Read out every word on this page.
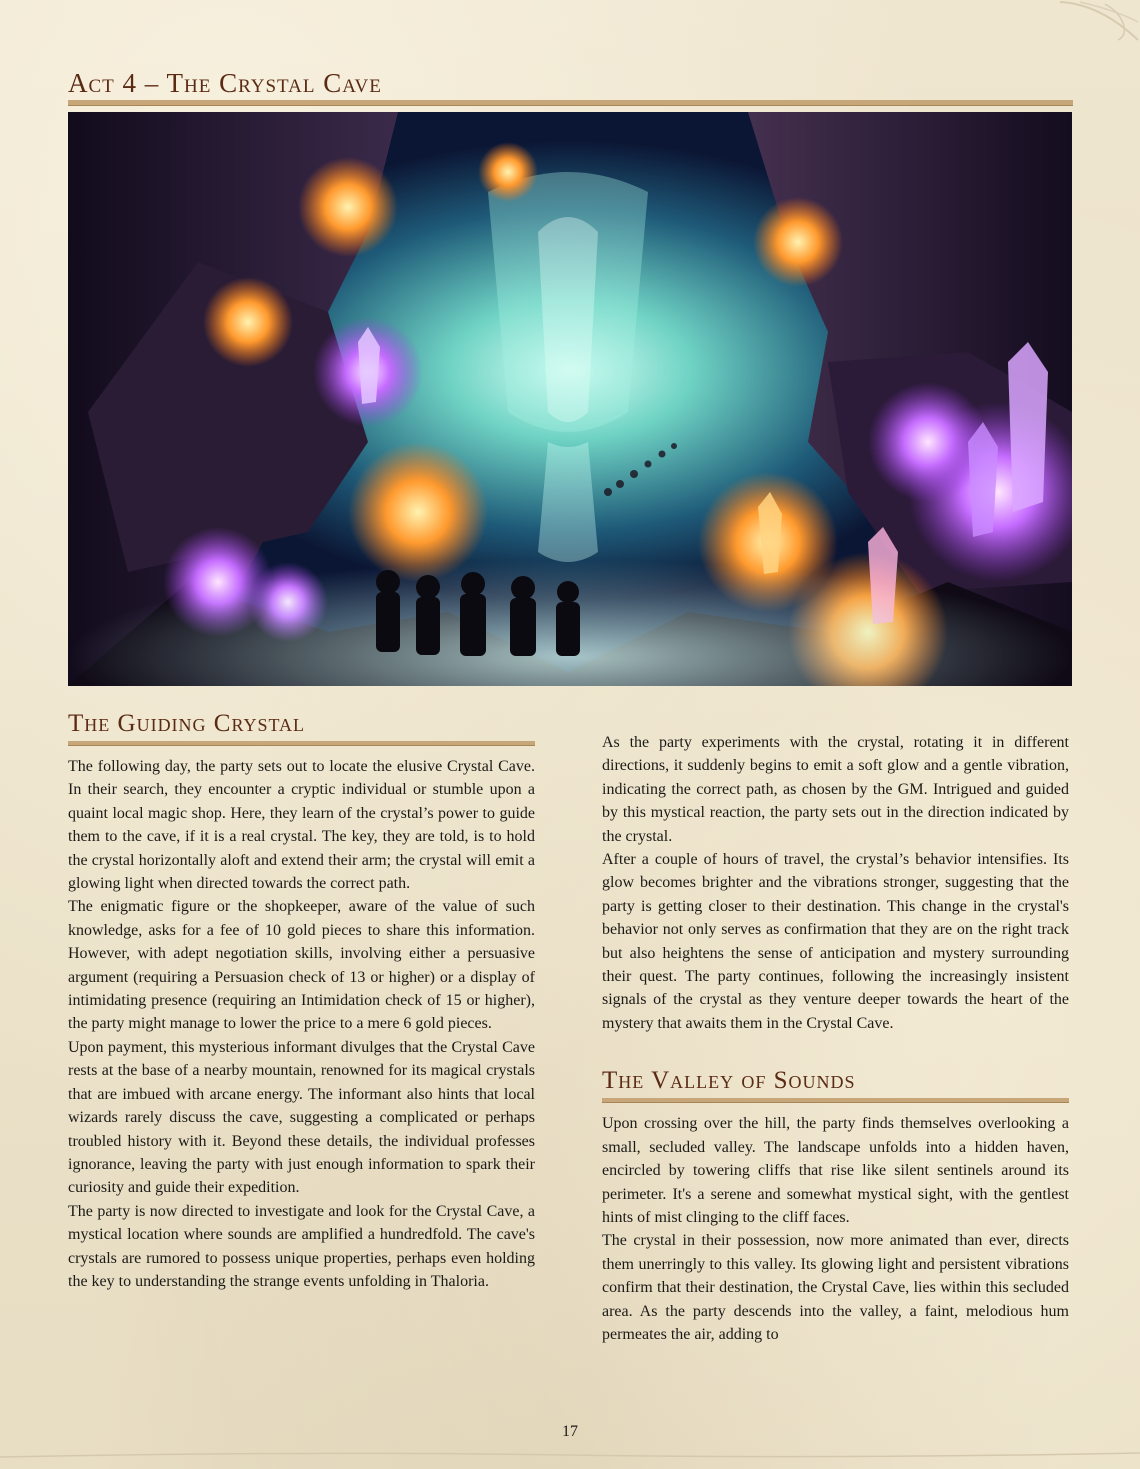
Act 4 – The Crystal Cave
The Guiding Crystal

The following day, the party sets out to locate the elusive Crystal Cave. In their search, they encounter a cryptic individual or stumble upon a quaint local magic shop. Here, they learn of the crystal’s power to guide them to the cave, if it is a real crystal. The key, they are told, is to hold the crystal horizontally aloft and extend their arm; the crystal will emit a glowing light when directed towards the correct path.

The enigmatic figure or the shopkeeper, aware of the value of such knowledge, asks for a fee of 10 gold pieces to share this information. However, with adept negotiation skills, involving either a persuasive argument (requiring a Persuasion check of 13 or higher) or a display of intimidating presence (requiring an Intimidation check of 15 or higher), the party might manage to lower the price to a mere 6 gold pieces.

Upon payment, this mysterious informant divulges that the Crystal Cave rests at the base of a nearby mountain, renowned for its magical crystals that are imbued with arcane energy. The informant also hints that local wizards rarely discuss the cave, suggesting a complicated or perhaps troubled history with it. Beyond these details, the individual professes ignorance, leaving the party with just enough information to spark their curiosity and guide their expedition.

The party is now directed to investigate and look for the Crystal Cave, a mystical location where sounds are amplified a hundredfold. The cave's crystals are rumored to possess unique properties, perhaps even holding the key to understanding the strange events unfolding in Thaloria.

As the party experiments with the crystal, rotating it in different directions, it suddenly begins to emit a soft glow and a gentle vibration, indicating the correct path, as chosen by the GM. Intrigued and guided by this mystical reaction, the party sets out in the direction indicated by the crystal.

After a couple of hours of travel, the crystal’s behavior intensifies. Its glow becomes brighter and the vibrations stronger, suggesting that the party is getting closer to their destination. This change in the crystal's behavior not only serves as confirmation that they are on the right track but also heightens the sense of anticipation and mystery surrounding their quest. The party continues, following the increasingly insistent signals of the crystal as they venture deeper towards the heart of the mystery that awaits them in the Crystal Cave.

The Valley of Sounds

Upon crossing over the hill, the party finds themselves overlooking a small, secluded valley. The landscape unfolds into a hidden haven, encircled by towering cliffs that rise like silent sentinels around its perimeter. It's a serene and somewhat mystical sight, with the gentlest hints of mist clinging to the cliff faces.

The crystal in their possession, now more animated than ever, directs them unerringly to this valley. Its glowing light and persistent vibrations confirm that their destination, the Crystal Cave, lies within this secluded area. As the party descends into the valley, a faint, melodious hum permeates the air, adding to

17
